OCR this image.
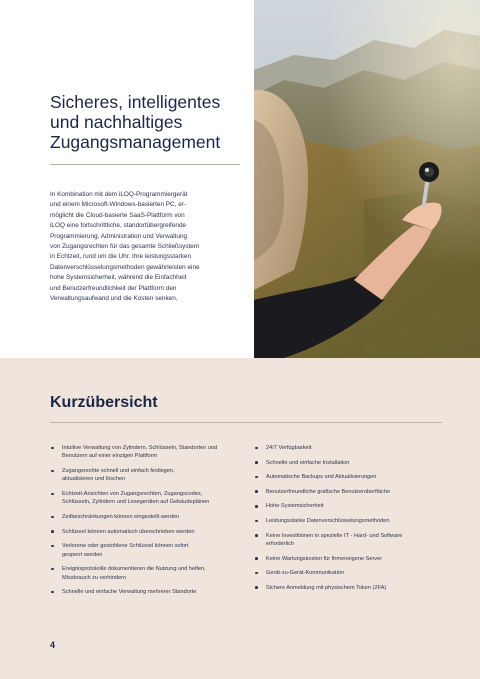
Sicheres, intelligentes
und nachhaltiges
Zugangsmanagement
In Kombination mit dem iLOQ-Programmiergerät
und einem Microsoft-Windows-basierten PC, er-
möglicht die Cloud-basierte SaaS-Plattform von
iLOQ eine fortschrittliche, standortübergreifende
Programmierung, Administration und Verwaltung
von Zugangsrechten für das gesamte Schließsystem
in Echtzeit, rund um die Uhr. Ihre leistungsstarken
Datenverschlüsselungsmethoden gewährleisten eine
hohe Systemsicherheit, während die Einfachheit
und Benutzerfreundlichkeit der Plattform den
Verwaltungsaufwand und die Kosten senken.
Kurzübersicht
Intuitive Verwaltung von Zylindern, Schlüsseln, Standorten und
Benutzern auf einer einzigen Plattform
Zugangsrechte schnell und einfach festlegen,
aktualisieren und löschen
Echtzeit-Ansichten von Zugangsrechten, Zugangscodes,
Schlüsseln, Zylindern und Lesegeräten auf Gebäudeplänen
Zeitbeschränkungen können eingestellt werden
Schlüssel können automatisch überschrieben werden
Verlorene oder gestohlene Schlüssel können sofort
gesperrt werden
Ereignisprotokolle dokumentieren die Nutzung und helfen,
Missbrauch zu verhindern
Schnelle und einfache Verwaltung mehrerer Standorte
24/7 Verfügbarkeit
Schnelle und einfache Installation
Automatische Backups und Aktualisierungen
Benutzerfreundliche grafische Benutzeroberfläche
Hohe Systemsicherheit
Leistungsstarke Datenverschlüsselungsmethoden
Keine Investitionen in spezielle IT - Hard- und Software
erforderlich
Keine Wartungskosten für firmeneigene Server
Gerät-zu-Gerät-Kommunikation
Sichere Anmeldung mit physischem Token (2FA)
4
